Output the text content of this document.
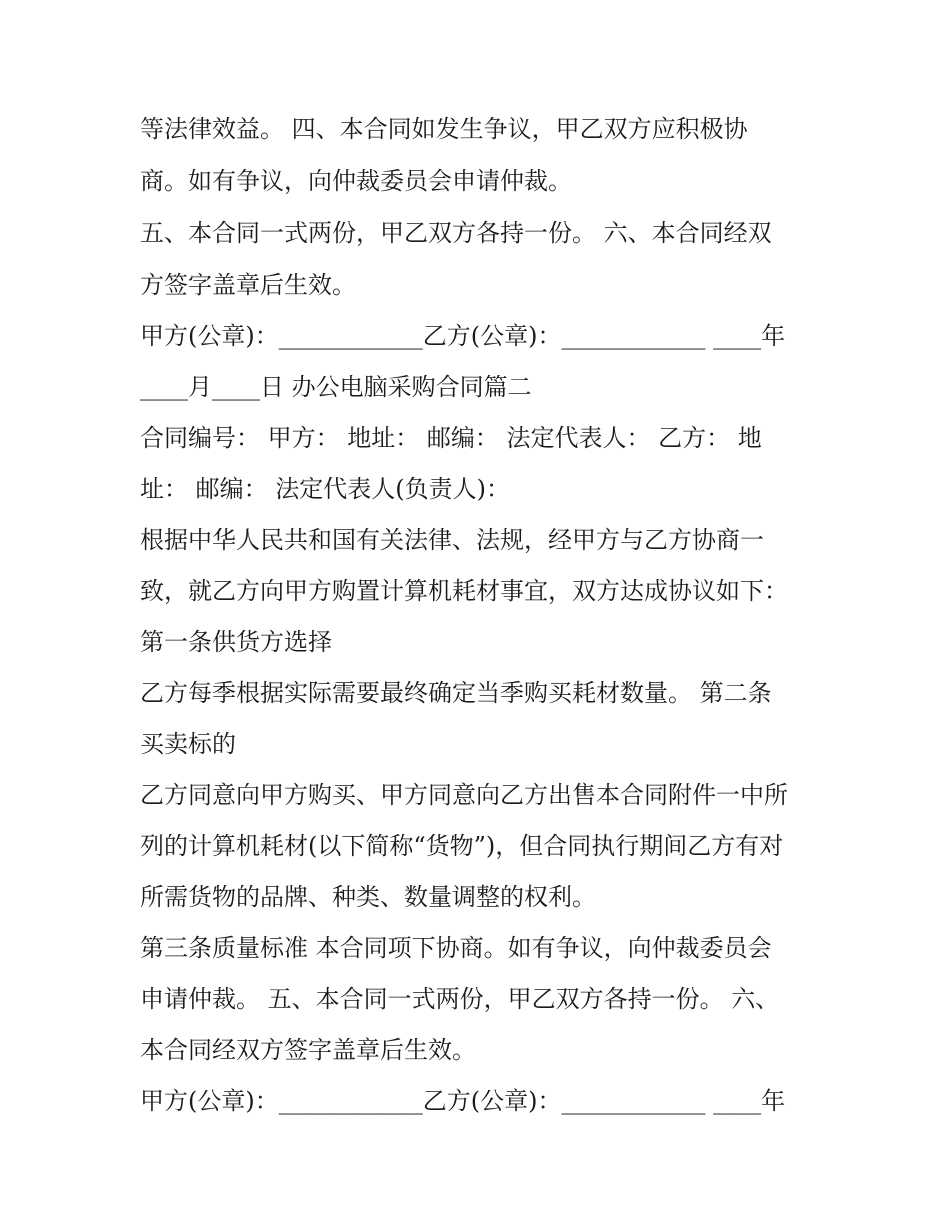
等法律效益。 四、本合同如发生争议，甲乙双方应积极协
商。如有争议，向仲裁委员会申请仲裁。
五、本合同一式两份，甲乙双方各持一份。 六、本合同经双
方签字盖章后生效。
甲方(公章)：____________乙方(公章)：____________ ____年
____月____日 办公电脑采购合同篇二
合同编号： 甲方： 地址： 邮编： 法定代表人： 乙方： 地
址： 邮编： 法定代表人(负责人)：
根据中华人民共和国有关法律、法规，经甲方与乙方协商一
致，就乙方向甲方购置计算机耗材事宜，双方达成协议如下：
第一条供货方选择
乙方每季根据实际需要最终确定当季购买耗材数量。 第二条
买卖标的
乙方同意向甲方购买、甲方同意向乙方出售本合同附件一中所
列的计算机耗材(以下简称“货物”)，但合同执行期间乙方有对
所需货物的品牌、种类、数量调整的权利。
第三条质量标准 本合同项下协商。如有争议，向仲裁委员会
申请仲裁。 五、本合同一式两份，甲乙双方各持一份。 六、
本合同经双方签字盖章后生效。
甲方(公章)：____________乙方(公章)：____________ ____年
